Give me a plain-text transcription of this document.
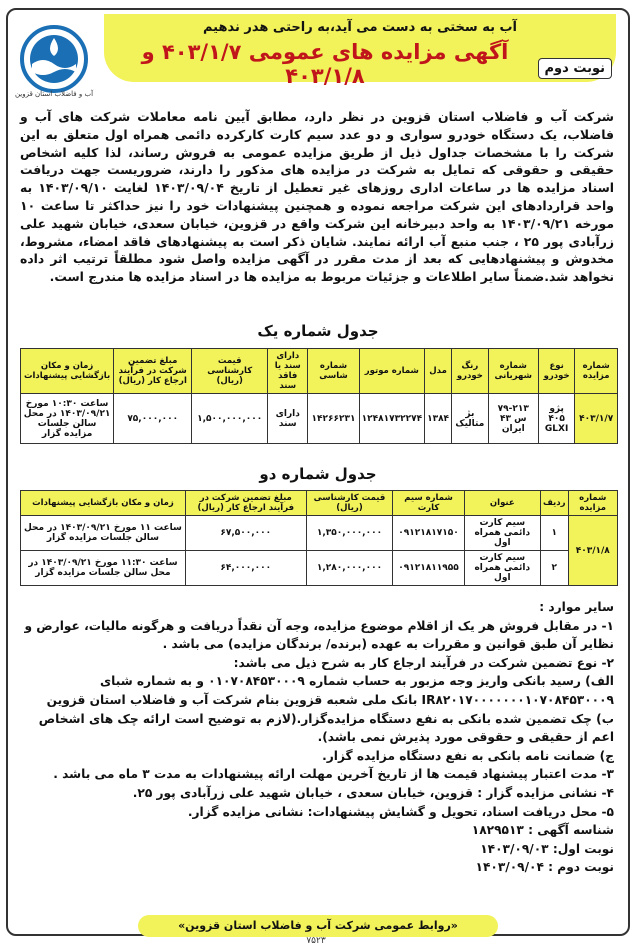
آب و فاضلاب استان قزوین
آب به سختی به دست می آید،به راحتی هدر ندهیم
آگهی مزایده های عمومی ۴۰۳/۱/۷ و ۴۰۳/۱/۸	نوبت دوم
شرکت آب و فاضلاب استان قزوین در نظر دارد، مطابق آیین نامه معاملات شرکت های آب و فاضلاب، یک دستگاه خودرو سواری و دو عدد سیم کارت کارکرده دائمی همراه اول متعلق به این شرکت را با مشخصات جداول ذیل از طریق مزایده عمومی به فروش رساند، لذا کلیه اشخاص حقیقی و حقوقی که تمایل به شرکت در مزایده های مذکور را دارند، ضروریست جهت دریافت اسناد مزایده ها در ساعات اداری روزهای غیر تعطیل از تاریخ ۱۴۰۳/۰۹/۰۴ لغایت ۱۴۰۳/۰۹/۱۰ به واحد قراردادهای این شرکت مراجعه نموده و همچنین پیشنهادات خود را نیز حداکثر تا ساعت ۱۰ مورخه ۱۴۰۳/۰۹/۲۱ به واحد دبیرخانه این شرکت واقع در قزوین، خیابان سعدی، خیابان شهید علی زرآبادی پور ۲۵ ، جنب منبع آب ارائه نمایند. شایان ذکر است به پیشنهادهای فاقد امضاء، مشروط، مخدوش و پیشنهادهایی که بعد از مدت مقرر در آگهی مزایده واصل شود مطلقاً ترتیب اثر داده نخواهد شد.ضمناً سایر اطلاعات و جزئیات مربوط به مزایده ها در اسناد مزایده ها مندرج است.
جدول شماره یک
شماره مزایده	نوع خودرو	شماره شهربانی	رنگ خودرو	مدل	شماره موتور	شماره شاسی	دارای سند یا فاقد سند	قیمت کارشناسی (ریال)	مبلغ تضمین شرکت در فرآیند ارجاع کار (ریال)	زمان و مکان بازگشایی پیشنهادات
۴۰۳/۱/۷	پژو ۴۰۵ GLXI	۷۹-۲۱۳ س ۴۳ ایران	بژ متالیک	۱۳۸۴	۱۲۴۸۱۷۳۲۲۷۴	۱۴۲۶۶۲۳۱	دارای سند	۱,۵۰۰,۰۰۰,۰۰۰	۷۵,۰۰۰,۰۰۰	ساعت ۱۰:۳۰ مورخ ۱۴۰۳/۰۹/۲۱ در محل سالن جلسات مزایده گزار
جدول شماره دو
شماره مزایده	ردیف	عنوان	شماره سیم کارت	قیمت کارشناسی (ریال)	مبلغ تضمین شرکت در فرآیند ارجاع کار (ریال)	زمان و مکان بازگشایی پیشنهادات
۴۰۳/۱/۸	۱	سیم کارت دائمی همراه اول	۰۹۱۲۱۸۱۷۱۵۰	۱,۳۵۰,۰۰۰,۰۰۰	۶۷,۵۰۰,۰۰۰	ساعت ۱۱ مورخ ۱۴۰۳/۰۹/۲۱ در محل سالن جلسات مزایده گزار
	۲	سیم کارت دائمی همراه اول	۰۹۱۲۱۸۱۱۹۵۵	۱,۲۸۰,۰۰۰,۰۰۰	۶۴,۰۰۰,۰۰۰	ساعت ۱۱:۳۰ مورخ ۱۴۰۳/۰۹/۲۱ در محل سالن جلسات مزایده گزار

سایر موارد :

۱- در مقابل فروش هر یک از اقلام موضوع مزایده، وجه آن نقداً دریافت و هرگونه مالیات، عوارض و نظایر آن طبق قوانین و مقررات به عهده (برنده/ برندگان مزایده) می باشد .

۲- نوع تضمین شرکت در فرآیند ارجاع کار به شرح ذیل می باشد:

الف) رسید بانکی واریز وجه مزبور به حساب شماره ۰۱۰۷۰۸۴۵۳۰۰۰۹ و به شماره شبای IR۸۲۰۱۷۰۰۰۰۰۰۰۱۰۷۰۸۴۵۳۰۰۰۹ بانک ملی شعبه قزوین بنام شرکت آب و فاضلاب استان قزوین

ب) چک تضمین شده بانکی به نفع دستگاه مزایده‌گزار.(لازم به توضیح است ارائه چک های اشخاص اعم از حقیقی و حقوقی مورد پذیرش نمی باشد).

ج) ضمانت نامه بانکی به نفع دستگاه مزایده گزار.

۳- مدت اعتبار پیشنهاد قیمت ها از تاریخ آخرین مهلت ارائه پیشنهادات به مدت ۳ ماه می باشد .

۴- نشانی مزایده گزار : قزوین، خیابان سعدی ، خیابان شهید علی زرآبادی پور ۲۵.

۵- محل دریافت اسناد، تحویل و گشایش پیشنهادات: نشانی مزایده گزار.

شناسه آگهی : ۱۸۲۹۵۱۳

نوبت اول: ۱۴۰۳/۰۹/۰۳

نوبت دوم : ۱۴۰۳/۰۹/۰۴

«روابط عمومی شرکت آب و فاضلاب استان قزوین»
۷۵۲۳
